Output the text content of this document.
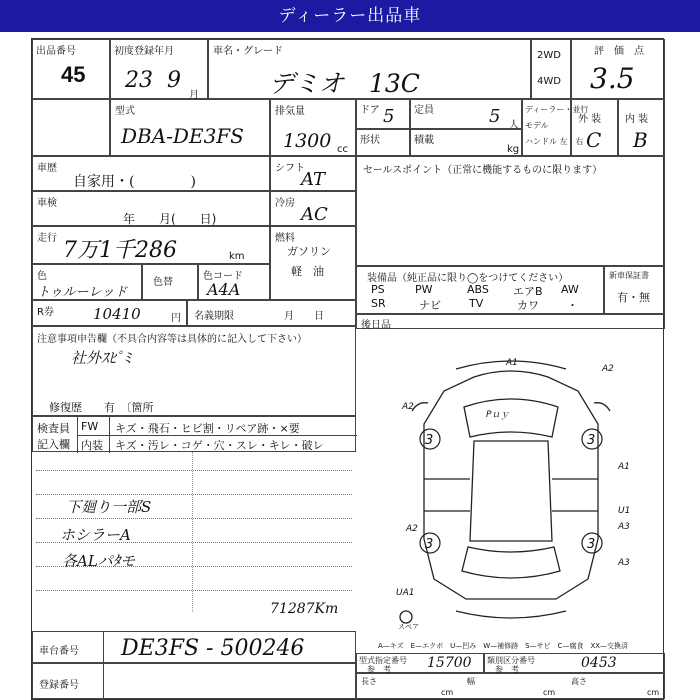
ディーラー出品車
出品番号
45
初度登録年月
23 9
月
車名・グレード
デミオ　13C
2WD
4WD
評　価　点
3.5
型式
DBA-DE3FS
排気量
1300 cc
ドア 5 定員	5 人
形状	積載
kg
ディーラー・並行
モデル
ハンドル 左・右
外 装
C
内 装
B
車歴
自家用・(　　　　)
車検
年　　月(　　日)
走行 7万1千286	km
色
トゥルーレッド
色替
色コード
A4A
シフト
AT
冷房
AC
燃料
ガソリン
軽　油
R券	10410	円 名義期限	月　　日
セールスポイント（正常に機能するものに限ります）
装備品（純正品に限り◯をつけてください）
PS	PW	ABS エアB AW
SR	ナビ	TV	カワ	・
新車保証書
有・無
後日品
注意事項申告欄（不具合内容等は具体的に記入して下さい）
社外ｽﾋﾟﾐ
修復歴　　有　〔箇所
検査員
記入欄
FW キズ・飛石・ヒビ割・リペア跡・×要
内装 キズ・汚レ・コゲ・穴・スレ・キレ・破レ
下廻り一部S
ホシラーA
各ALパﾀモ
3	3
3	3
A1
A2
A2
A1
A2
U1
A3
A3
UA1
Pｕｙ
スペア
71287Km
A—キズ　E—エクボ　U—凹み　W—補修跡　S—サビ　C—腐食　XX—交換済
車台番号 DE3FS - 500246
登録番号
型式指定番号
参　考	15700 類別区分番号
参　考	0453
長さ
cm
幅
cm
高さ
cm
